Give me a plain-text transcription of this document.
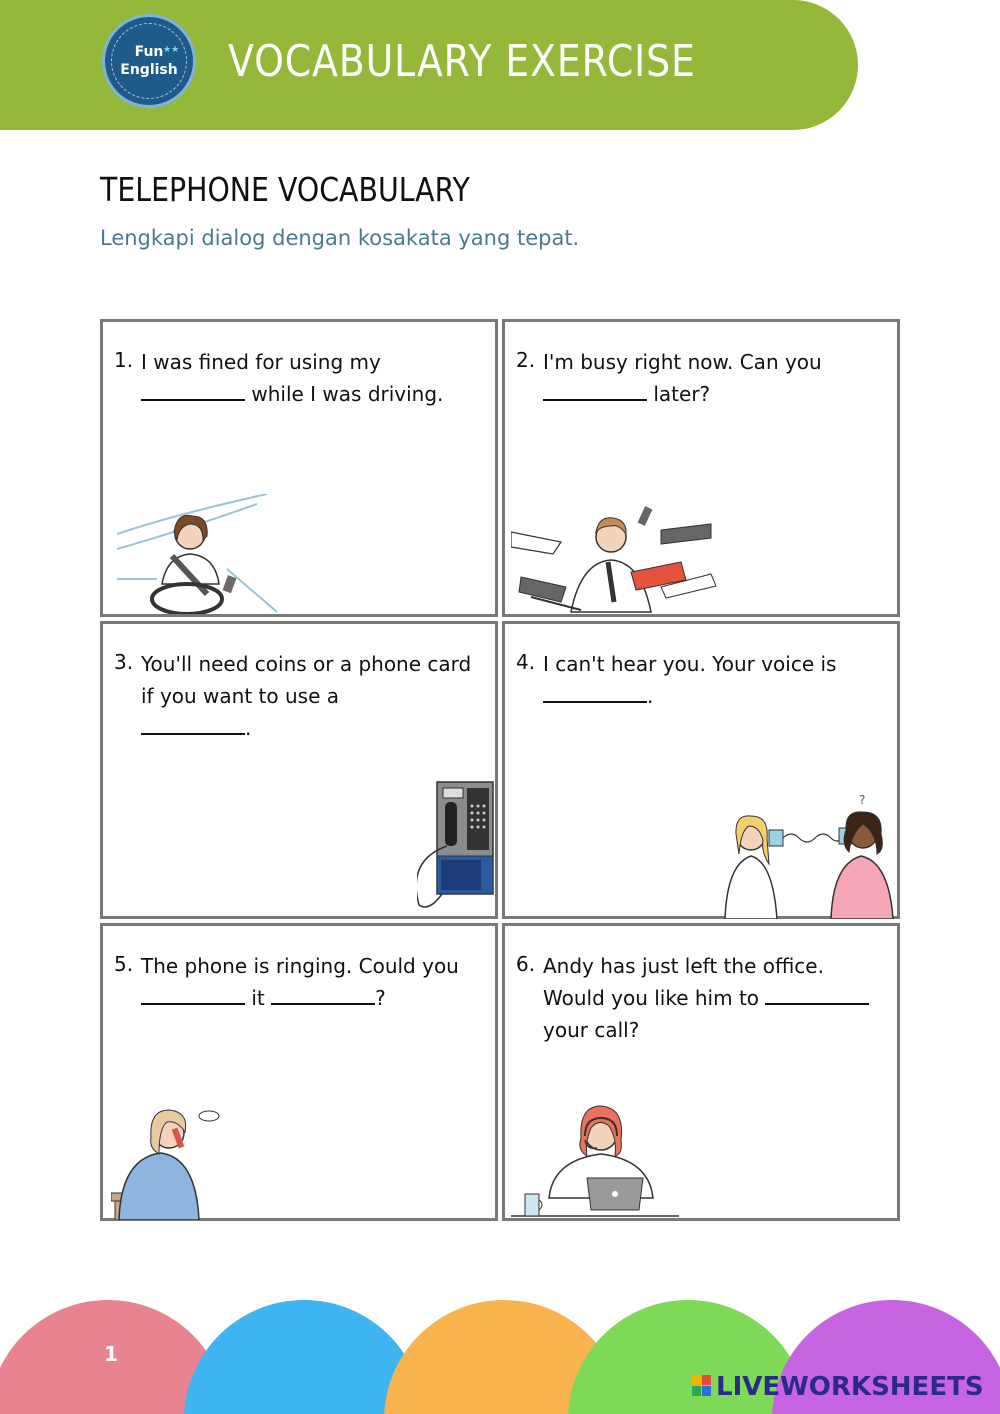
Fun
English
★★ VOCABULARY EXERCISE
TELEPHONE VOCABULARY
Lengkapi dialog dengan kosakata yang tepat.
1. I was fined for using my
while I was driving.
2. I'm busy right now. Can you
later?
3. You'll need coins or a phone card if you want to use a
.
4. I can't hear you. Your voice is
.
?
5. The phone is ringing. Could you
it	?
6. Andy has just left the office. Would you like him to
your call?
1
LIVEWORKSHEETS
